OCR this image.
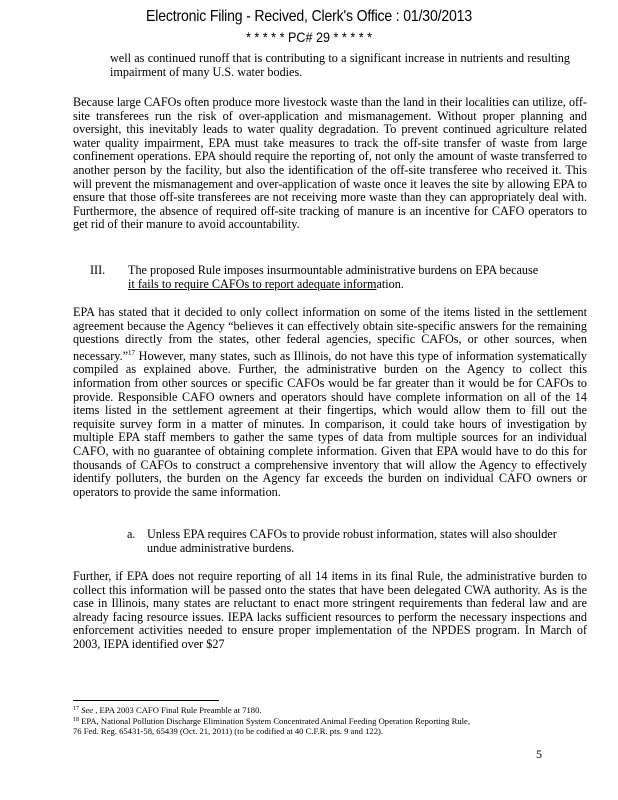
Electronic Filing - Recived, Clerk's Office : 01/30/2013
* * * * * PC# 29 * * * * *
well as continued runoff that is contributing to a significant increase in nutrients and resulting impairment of many U.S. water bodies.
Because large CAFOs often produce more livestock waste than the land in their localities can utilize, off-site transferees run the risk of over-application and mismanagement. Without proper planning and oversight, this inevitably leads to water quality degradation. To prevent continued agriculture related water quality impairment, EPA must take measures to track the off-site transfer of waste from large confinement operations. EPA should require the reporting of, not only the amount of waste transferred to another person by the facility, but also the identification of the off-site transferee who received it. This will prevent the mismanagement and over-application of waste once it leaves the site by allowing EPA to ensure that those off-site transferees are not receiving more waste than they can appropriately deal with. Furthermore, the absence of required off-site tracking of manure is an incentive for CAFO operators to get rid of their manure to avoid accountability.
III. The proposed Rule imposes insurmountable administrative burdens on EPA because
it fails to require CAFOs to report adequate information.
EPA has stated that it decided to only collect information on some of the items listed in the settlement agreement because the Agency “believes it can effectively obtain site-specific answers for the remaining questions directly from the states, other federal agencies, specific CAFOs, or other sources, when necessary.”$^{17}$ However, many states, such as Illinois, do not have this type of information systematically compiled as explained above. Further, the administrative burden on the Agency to collect this information from other sources or specific CAFOs would be far greater than it would be for CAFOs to provide. Responsible CAFO owners and operators should have complete information on all of the 14 items listed in the settlement agreement at their fingertips, which would allow them to fill out the requisite survey form in a matter of minutes. In comparison, it could take hours of investigation by multiple EPA staff members to gather the same types of data from multiple sources for an individual CAFO, with no guarantee of obtaining complete information. Given that EPA would have to do this for thousands of CAFOs to construct a comprehensive inventory that will allow the Agency to effectively identify polluters, the burden on the Agency far exceeds the burden on individual CAFO owners or operators to provide the same information.
a. Unless EPA requires CAFOs to provide robust information, states will also shoulder undue administrative burdens.
Further, if EPA does not require reporting of all 14 items in its final Rule, the administrative burden to collect this information will be passed onto the states that have been delegated CWA authority. As is the case in Illinois, many states are reluctant to enact more stringent requirements than federal law and are already facing resource issues. IEPA lacks sufficient resources to perform the necessary inspections and enforcement activities needed to ensure proper implementation of the NPDES program. In March of 2003, IEPA identified over $27
$^{17}$ See , EPA 2003 CAFO Final Rule Preamble at 7180.
$^{18}$ EPA, National Pollution Discharge Elimination System Concentrated Animal Feeding Operation Reporting Rule,
76 Fed. Reg. 65431-58, 65439 (Oct. 21, 2011) (to be codified at 40 C.F.R. pts. 9 and 122).
5
